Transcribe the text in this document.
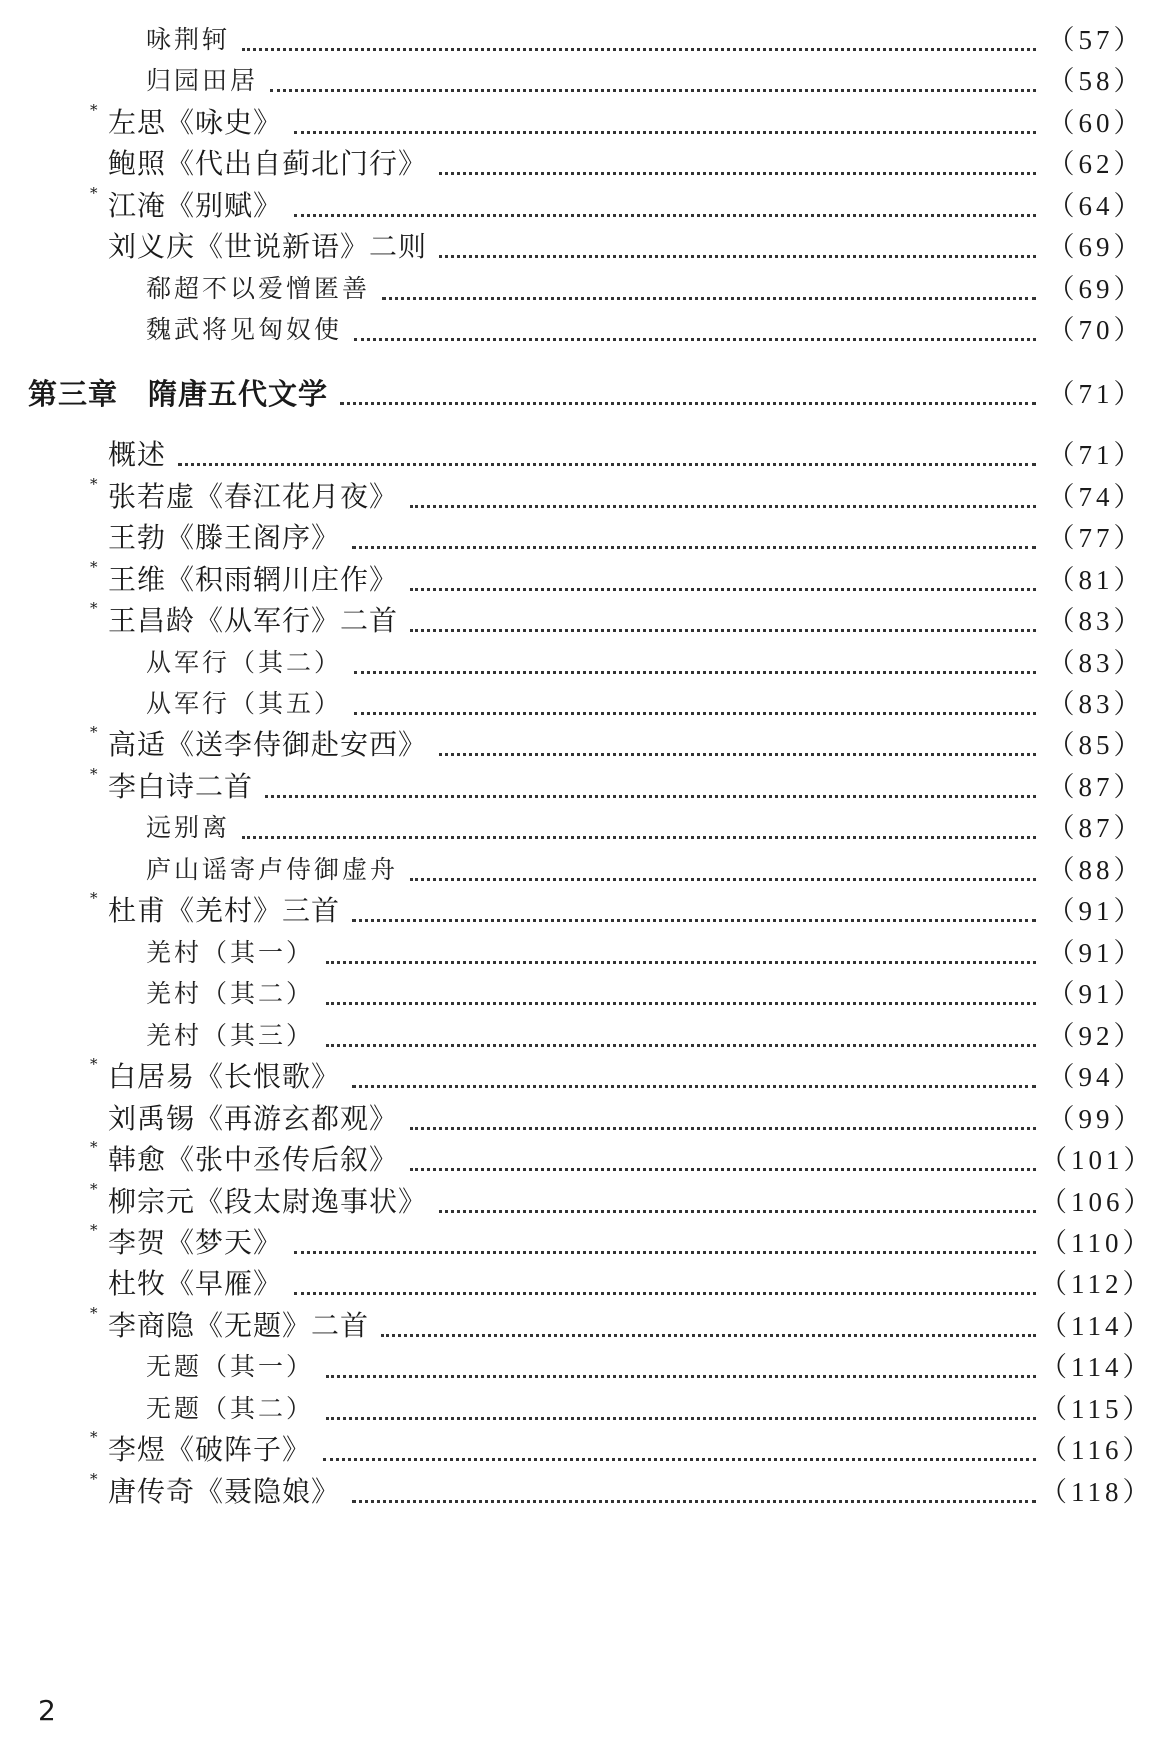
咏荆轲	（57）
归园田居	（58）
* 左思《咏史》	（60）
鲍照《代出自蓟北门行》	（62）
* 江淹《别赋》	（64）
刘义庆《世说新语》二则	（69）
郗超不以爱憎匿善	（69）
魏武将见匈奴使	（70）
第三章　隋唐五代文学	（71）
概述	（71）
* 张若虚《春江花月夜》	（74）
王勃《滕王阁序》	（77）
* 王维《积雨辋川庄作》	（81）
* 王昌龄《从军行》二首	（83）
从军行（其二）	（83）
从军行（其五）	（83）
* 高适《送李侍御赴安西》	（85）
* 李白诗二首	（87）
远别离	（87）
庐山谣寄卢侍御虚舟	（88）
* 杜甫《羌村》三首	（91）
羌村（其一）	（91）
羌村（其二）	（91）
羌村（其三）	（92）
* 白居易《长恨歌》	（94）
刘禹锡《再游玄都观》	（99）
* 韩愈《张中丞传后叙》	（101）
* 柳宗元《段太尉逸事状》	（106）
* 李贺《梦天》	（110）
杜牧《早雁》	（112）
* 李商隐《无题》二首	（114）
无题（其一）	（114）
无题（其二）	（115）
* 李煜《破阵子》	（116）
* 唐传奇《聂隐娘》	（118）
2
